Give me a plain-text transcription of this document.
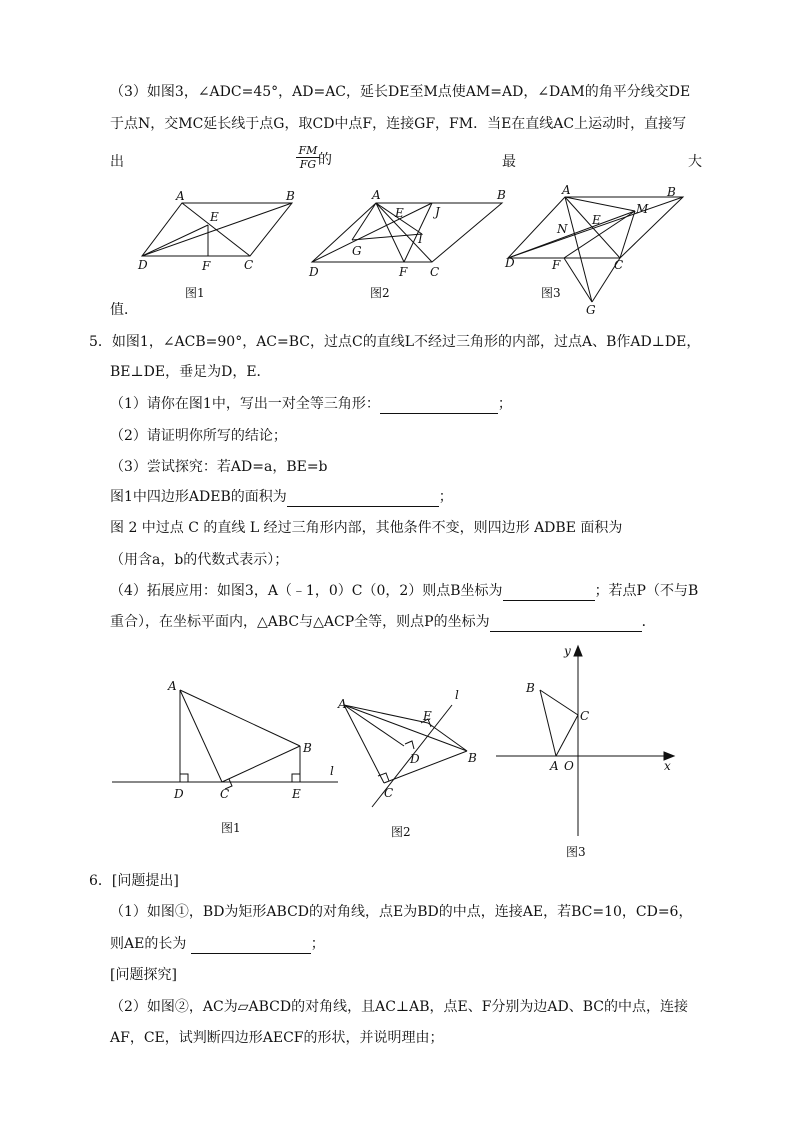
（3）如图3，∠ADC=45°，AD=AC，延长DE至M点使AM=AD，∠DAM的角平分线交DE
于点N，交MC延长线于点G，取CD中点F，连接GF，FM．当E在直线AC上运动时，直接写
出	$\frac{FM}{FG}$
的	最	大
A	B
E
D	F	C
图1
A	B
E	J
G
I
D	F C
图2
A	B
M
E
N
D	F	C
G
图3
值．
5．如图1，∠ACB=90°，AC=BC，过点C的直线L不经过三角形的内部，过点A、B作AD⊥DE，
BE⊥DE，垂足为D，E．
（1）请你在图1中，写出一对全等三角形：	；
（2）请证明你所写的结论；
（3）尝试探究：若AD=a，BE=b
图1中四边形ADEB的面积为	；
图 2 中过点 C 的直线 L 经过三角形内部，其他条件不变，则四边形 ADBE 面积为
（用含a，b的代数式表示）；
（4）拓展应用：如图3，A（﹣1，0）C（0，2）则点B坐标为	；若点P（不与B
重合），在坐标平面内，△ABC与△ACP全等，则点P的坐标为	．
A
B
l
D	C	E
图1
l
A
E
D	B
C
图2
y
B
C
A O	x
图3
6．[问题提出]
（1）如图①，BD为矩形ABCD的对角线，点E为BD的中点，连接AE，若BC=10，CD=6，
则AE的长为	；
[问题探究]
（2）如图②，AC为▱ABCD的对角线，且AC⊥AB，点E、F分别为边AD、BC的中点，连接
AF，CE，试判断四边形AECF的形状，并说明理由；
